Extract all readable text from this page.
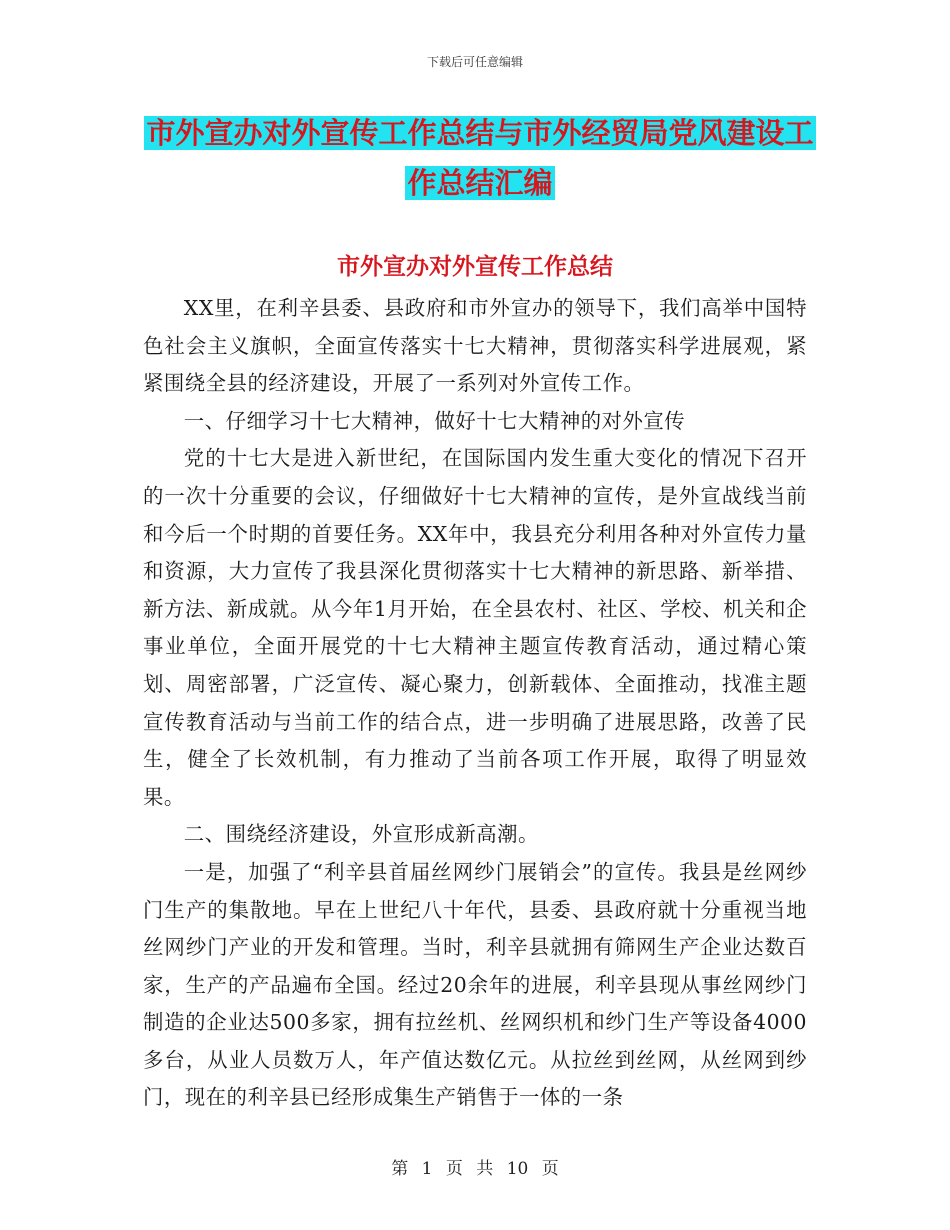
下载后可任意编辑
市外宣办对外宣传工作总结与市外经贸局党风建设工
作总结汇编
市外宣办对外宣传工作总结

XX里，在利辛县委、县政府和市外宣办的领导下，我们高举中国特色社会主义旗帜，全面宣传落实十七大精神，贯彻落实科学进展观，紧紧围绕全县的经济建设，开展了一系列对外宣传工作。

一、仔细学习十七大精神，做好十七大精神的对外宣传

党的十七大是进入新世纪，在国际国内发生重大变化的情况下召开的一次十分重要的会议，仔细做好十七大精神的宣传，是外宣战线当前和今后一个时期的首要任务。XX年中，我县充分利用各种对外宣传力量和资源，大力宣传了我县深化贯彻落实十七大精神的新思路、新举措、新方法、新成就。从今年1月开始，在全县农村、社区、学校、机关和企事业单位，全面开展党的十七大精神主题宣传教育活动，通过精心策划、周密部署，广泛宣传、凝心聚力，创新载体、全面推动，找准主题宣传教育活动与当前工作的结合点，进一步明确了进展思路，改善了民生，健全了长效机制，有力推动了当前各项工作开展，取得了明显效果。

二、围绕经济建设，外宣形成新高潮。

一是，加强了“利辛县首届丝网纱门展销会”的宣传。我县是丝网纱门生产的集散地。早在上世纪八十年代，县委、县政府就十分重视当地丝网纱门产业的开发和管理。当时，利辛县就拥有筛网生产企业达数百家，生产的产品遍布全国。经过20余年的进展，利辛县现从事丝网纱门制造的企业达500多家，拥有拉丝机、丝网织机和纱门生产等设备4000多台，从业人员数万人，年产值达数亿元。从拉丝到丝网，从丝网到纱门，现在的利辛县已经形成集生产销售于一体的一条

第 1 页 共 10 页
